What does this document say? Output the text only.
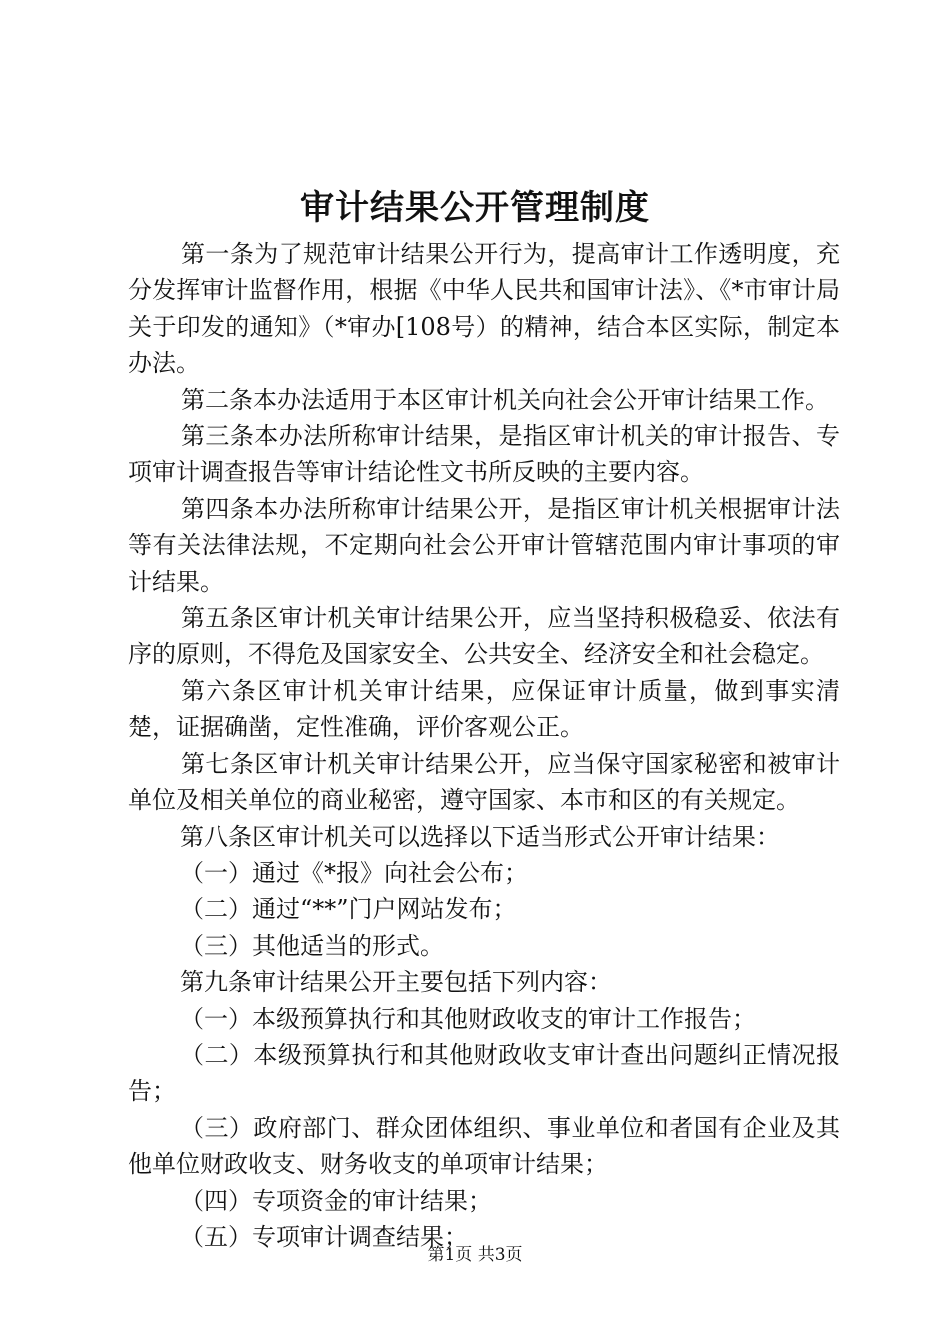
审计结果公开管理制度

第一条为了规范审计结果公开行为，提高审计工作透明度，充分发挥审计监督作用，根据《中华人民共和国审计法》、《*市审计局关于印发的通知》（*审办[108号）的精神，结合本区实际，制定本办法。

第二条本办法适用于本区审计机关向社会公开审计结果工作。

第三条本办法所称审计结果，是指区审计机关的审计报告、专项审计调查报告等审计结论性文书所反映的主要内容。

第四条本办法所称审计结果公开，是指区审计机关根据审计法等有关法律法规，不定期向社会公开审计管辖范围内审计事项的审计结果。

第五条区审计机关审计结果公开，应当坚持积极稳妥、依法有序的原则，不得危及国家安全、公共安全、经济安全和社会稳定。

第六条区审计机关审计结果，应保证审计质量，做到事实清楚，证据确凿，定性准确，评价客观公正。

第七条区审计机关审计结果公开，应当保守国家秘密和被审计单位及相关单位的商业秘密，遵守国家、本市和区的有关规定。

第八条区审计机关可以选择以下适当形式公开审计结果：

（一）通过《*报》向社会公布；

（二）通过“**”门户网站发布；

（三）其他适当的形式。

第九条审计结果公开主要包括下列内容：

（一）本级预算执行和其他财政收支的审计工作报告；

（二）本级预算执行和其他财政收支审计查出问题纠正情况报告；

（三）政府部门、群众团体组织、事业单位和者国有企业及其他单位财政收支、财务收支的单项审计结果；

（四）专项资金的审计结果；

（五）专项审计调查结果；

第1页 共3页
